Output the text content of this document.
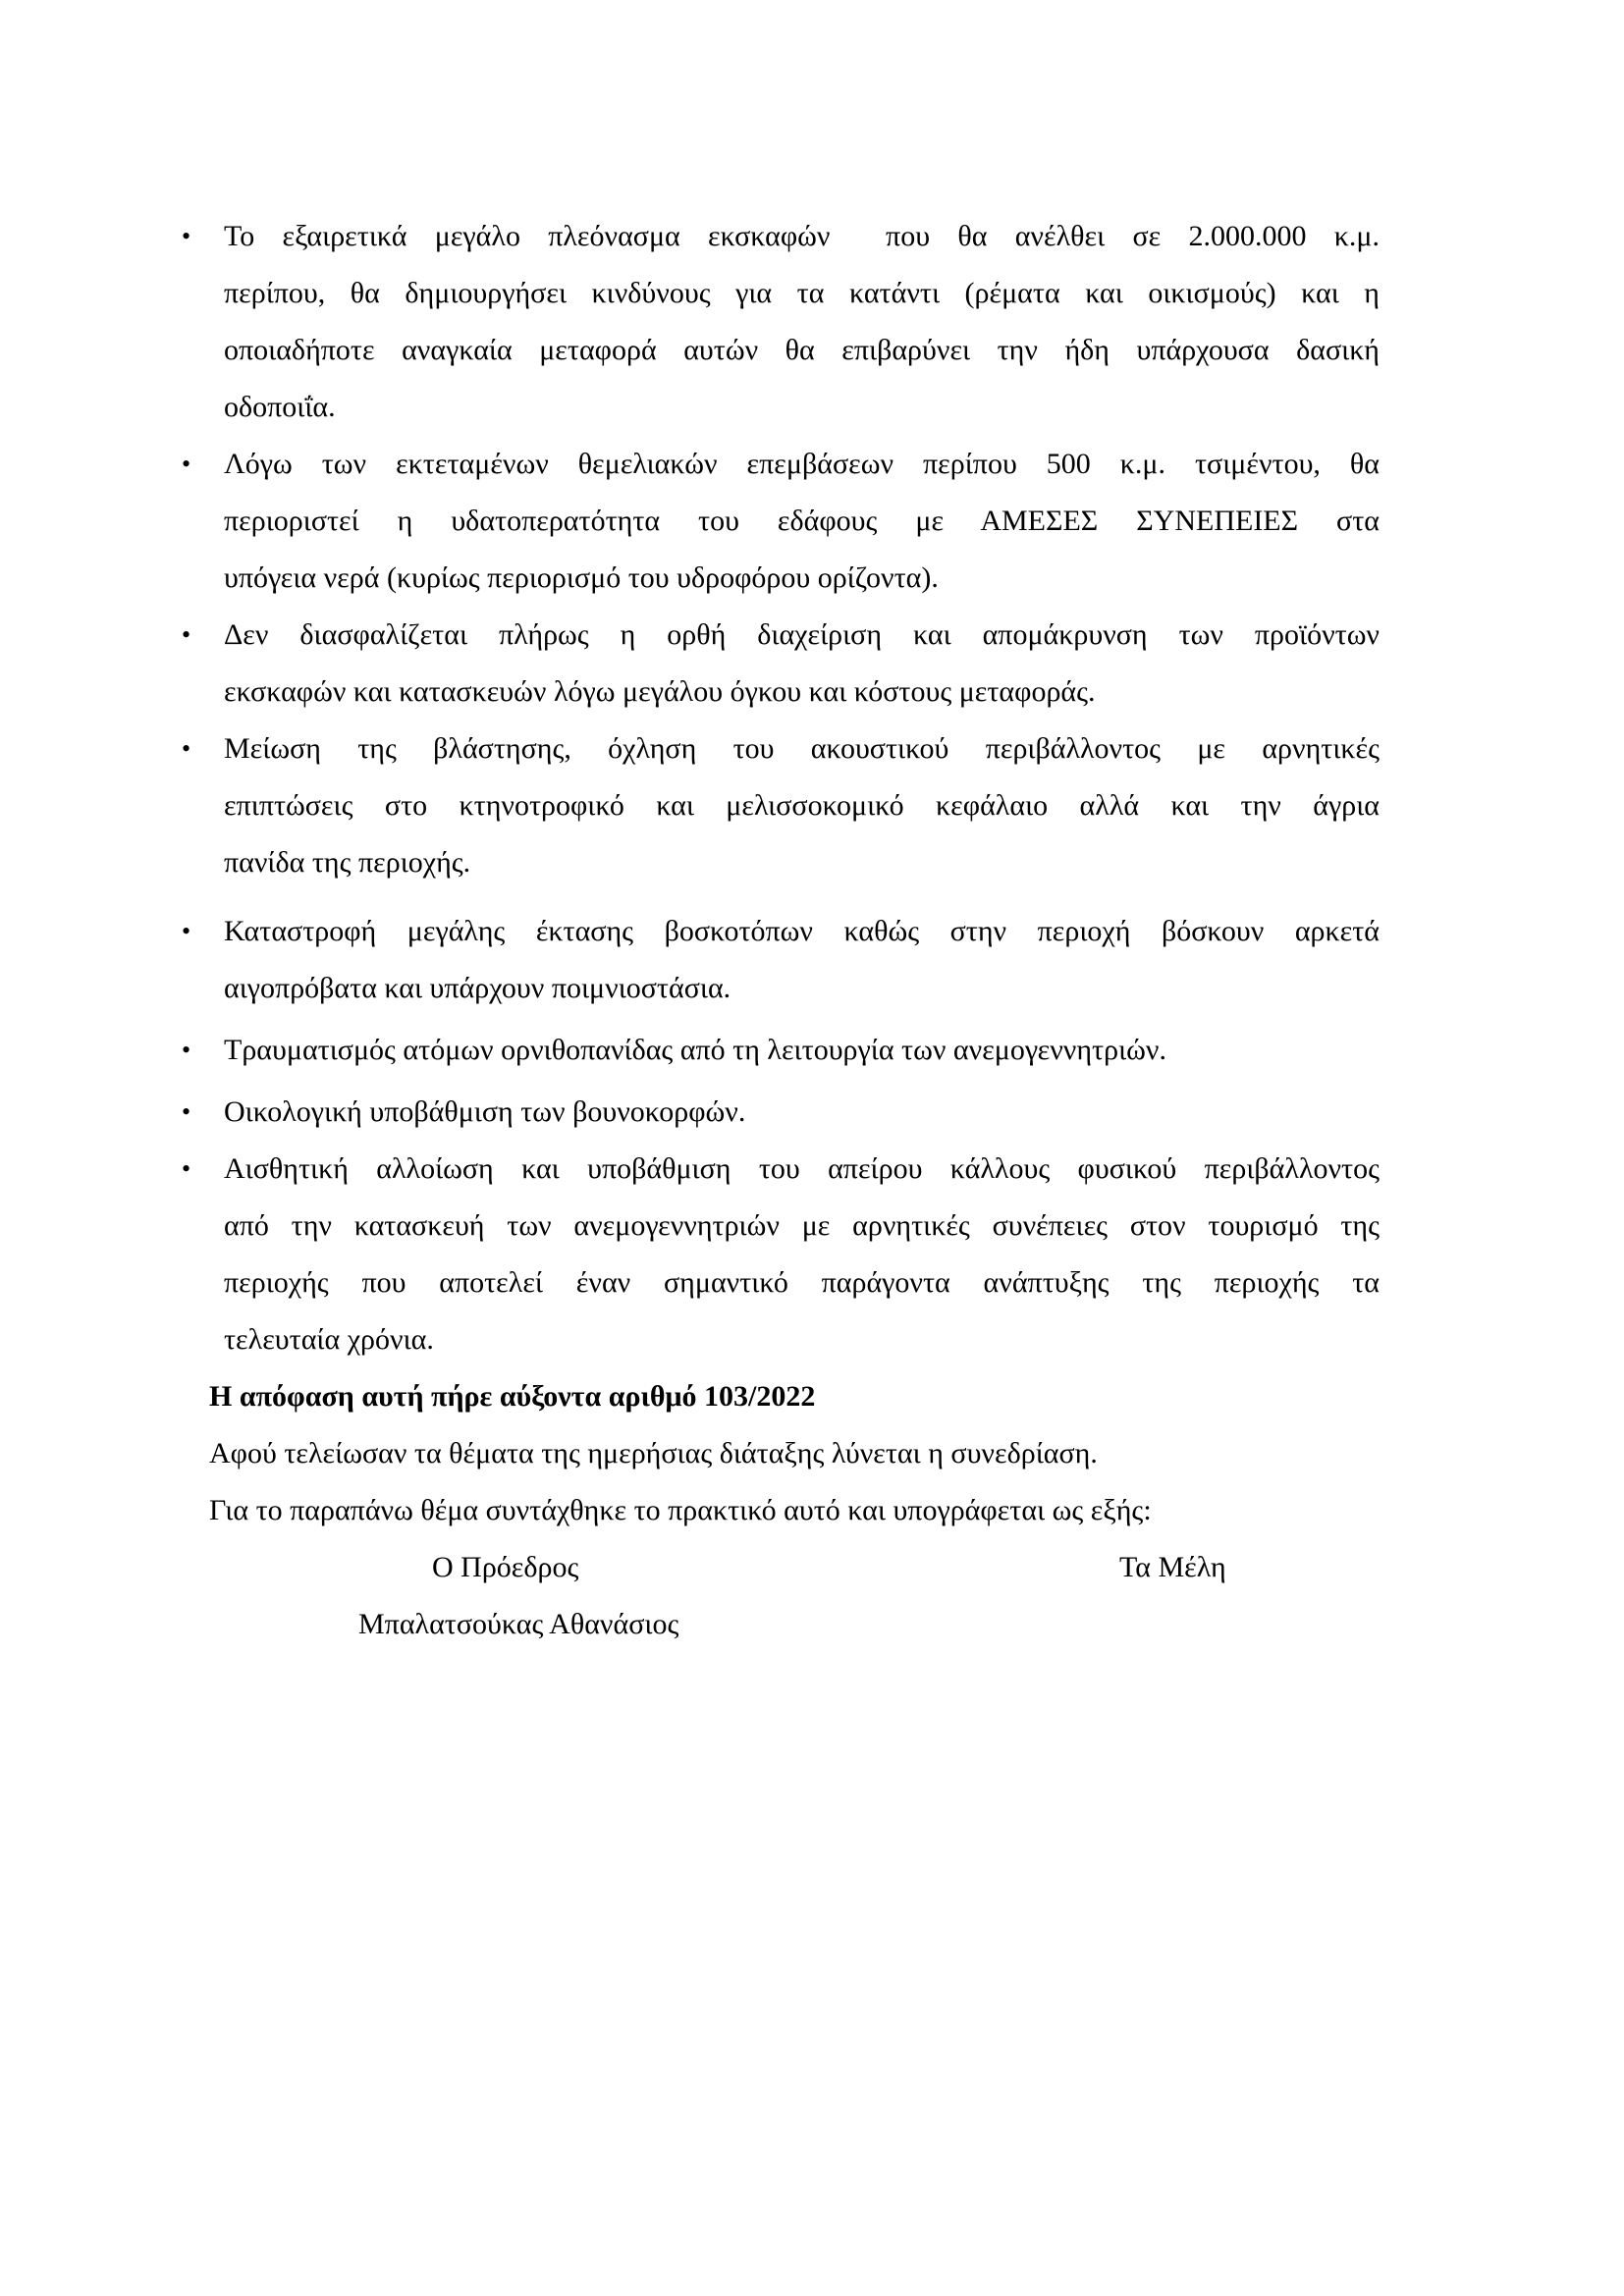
• Το εξαιρετικά μεγάλο πλεόνασμα εκσκαφών  που θα ανέλθει σε 2.000.000 κ.μ.
περίπου, θα δημιουργήσει κινδύνους για τα κατάντι (ρέματα και οικισμούς) και η
οποιαδήποτε αναγκαία μεταφορά αυτών θα επιβαρύνει την ήδη υπάρχουσα δασική
οδοποιΐα.
• Λόγω των εκτεταμένων θεμελιακών επεμβάσεων περίπου 500 κ.μ. τσιμέντου, θα
περιοριστεί η υδατοπερατότητα του εδάφους με ΑΜΕΣΕΣ ΣΥΝΕΠΕΙΕΣ στα
υπόγεια νερά (κυρίως περιορισμό του υδροφόρου ορίζοντα).
• Δεν διασφαλίζεται πλήρως η ορθή διαχείριση και απομάκρυνση των προϊόντων
εκσκαφών και κατασκευών λόγω μεγάλου όγκου και κόστους μεταφοράς.
• Μείωση της βλάστησης, όχληση του ακουστικού περιβάλλοντος με αρνητικές
επιπτώσεις στο κτηνοτροφικό και μελισσοκομικό κεφάλαιο αλλά και την άγρια
πανίδα της περιοχής.
• Καταστροφή μεγάλης έκτασης βοσκοτόπων καθώς στην περιοχή βόσκουν αρκετά
αιγοπρόβατα και υπάρχουν ποιμνιοστάσια.
• Τραυματισμός ατόμων ορνιθοπανίδας από τη λειτουργία των ανεμογεννητριών.
• Οικολογική υποβάθμιση των βουνοκορφών.
• Αισθητική αλλοίωση και υποβάθμιση του απείρου κάλλους φυσικού περιβάλλοντος
από την κατασκευή των ανεμογεννητριών με αρνητικές συνέπειες στον τουρισμό της
περιοχής που αποτελεί έναν σημαντικό παράγοντα ανάπτυξης της περιοχής τα
τελευταία χρόνια.
Η απόφαση αυτή πήρε αύξοντα αριθμό 103/2022
Αφού τελείωσαν τα θέματα της ημερήσιας διάταξης λύνεται η συνεδρίαση.
Για το παραπάνω θέμα συντάχθηκε το πρακτικό αυτό και υπογράφεται ως εξής:
Ο Πρόεδρος	Τα Μέλη
Μπαλατσούκας Αθανάσιος
